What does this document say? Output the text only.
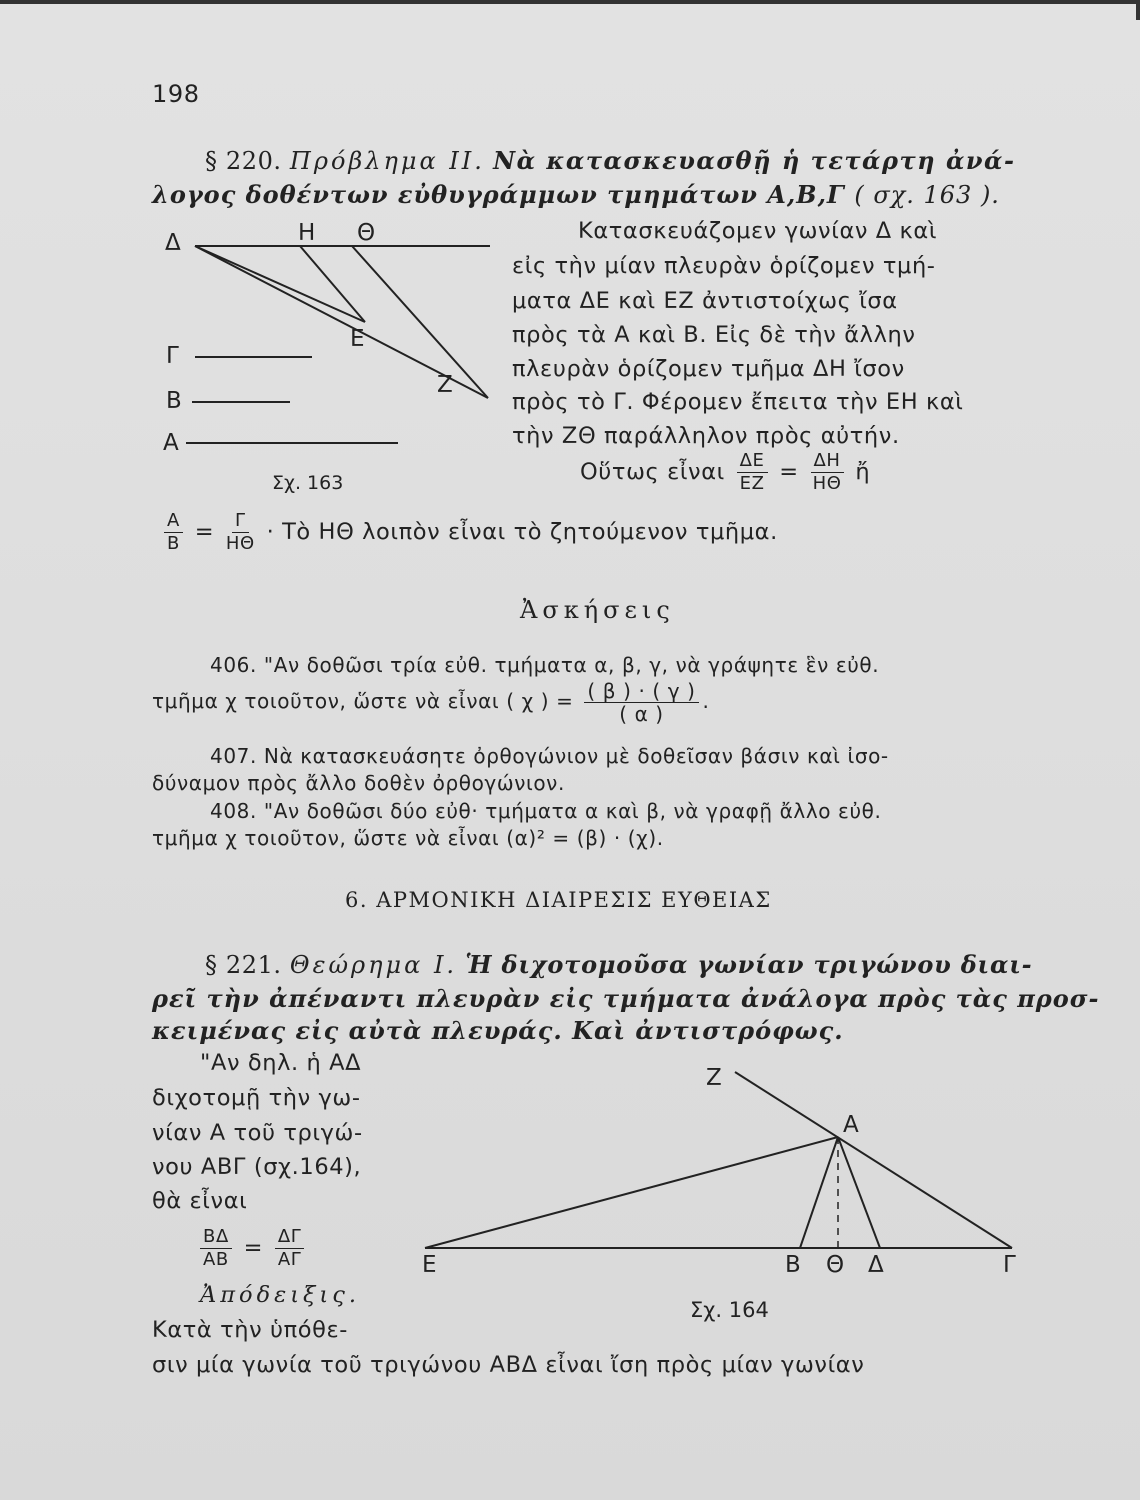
198
§ 220. Πρόβλημα II. Νὰ κατασκευασθῇ ἡ τετάρτη ἀνά-
λογος δοθέντων εὐθυγράμμων τμημάτων Α,Β,Γ ( σχ. 163 ).
Κατασκευάζομεν γωνίαν Δ καὶ
εἰς τὴν μίαν πλευρὰν ὁρίζομεν τμή-
ματα ΔΕ καὶ ΕΖ ἀντιστοίχως ἴσα
πρὸς τὰ Α καὶ Β. Εἰς δὲ τὴν ἄλλην
πλευρὰν ὁρίζομεν τμῆμα ΔΗ ἴσον
πρὸς τὸ Γ. Φέρομεν ἔπειτα τὴν ΕΗ καὶ
τὴν ΖΘ παράλληλον πρὸς αὐτήν.
Οὕτως εἶναι $\frac{\Delta E}{EZ} = \frac{\Delta H}{H\Theta}$ ἤ
$\frac{A}{B} = \frac{\Gamma}{H\Theta}$ · Τὸ ΗΘ λοιπὸν εἶναι τὸ ζητούμενον τμῆμα.
Δ	Η Θ
Ε
Ζ
Γ
Β
Α
Σχ. 163
Ἀσκήσεις
406. "Αν δοθῶσι τρία εὐθ. τμήματα α, β, γ, νὰ γράψητε ἓν εὐθ.
τμῆμα χ τοιοῦτον, ὥστε νὰ εἶναι ( χ ) = $\frac{( \beta ) \cdot ( \gamma )}{( \alpha )}$ .
407. Νὰ κατασκευάσητε ὀρθογώνιον μὲ δοθεῖσαν βάσιν καὶ ἰσο-
δύναμον πρὸς ἄλλο δοθὲν ὀρθογώνιον.
408. "Αν δοθῶσι δύο εὐθ· τμήματα α καὶ β, νὰ γραφῇ ἄλλο εὐθ.
τμῆμα χ τοιοῦτον, ὥστε νὰ εἶναι (α)² = (β) · (χ).
6. ΑΡΜΟΝΙΚΗ ΔΙΑΙΡΕΣΙΣ ΕΥΘΕΙΑΣ
§ 221. Θεώρημα I. Ἡ διχοτομοῦσα γωνίαν τριγώνου διαι-
ρεῖ τὴν ἀπέναντι πλευρὰν εἰς τμήματα ἀνάλογα πρὸς τὰς προσ-
κειμένας εἰς αὐτὰ πλευράς. Καὶ ἀντιστρόφως.
"Αν δηλ. ἡ ΑΔ
διχοτομῇ τὴν γω-
νίαν Α τοῦ τριγώ-
νου ΑΒΓ (σχ.164),
θὰ εἶναι
$\frac{B\Delta}{AB} = \frac{\Delta\Gamma}{A\Gamma}$
Ἀπόδειξις.
Κατὰ τὴν ὑπόθε-
σιν μία γωνία τοῦ τριγώνου ΑΒΔ εἶναι ἴση πρὸς μίαν γωνίαν
Ζ
Α
Ε	Β Θ Δ	Γ
Σχ. 164
